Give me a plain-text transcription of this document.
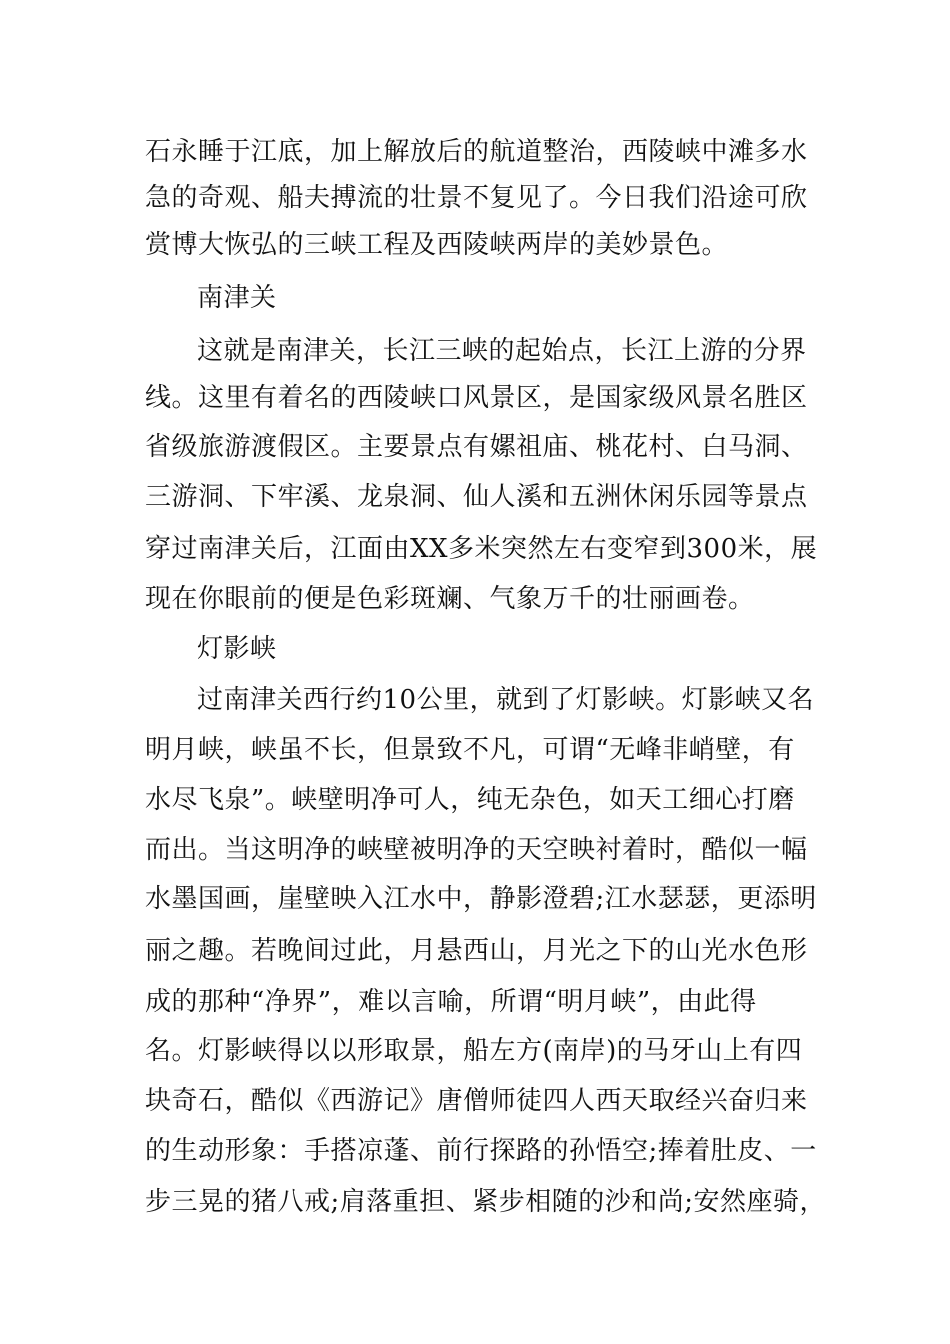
石永睡于江底，加上解放后的航道整治，西陵峡中滩多水
急的奇观、船夫搏流的壮景不复见了。今日我们沿途可欣
赏博大恢弘的三峡工程及西陵峡两岸的美妙景色。
南津关
这就是南津关，长江三峡的起始点，长江上游的分界
线。这里有着名的西陵峡口风景区，是国家级风景名胜区
省级旅游渡假区。主要景点有嫘祖庙、桃花村、白马洞、
三游洞、下牢溪、龙泉洞、仙人溪和五洲休闲乐园等景点
穿过南津关后，江面由XX多米突然左右变窄到300米，展
现在你眼前的便是色彩斑斓、气象万千的壮丽画卷。
灯影峡
过南津关西行约10公里，就到了灯影峡。灯影峡又名
明月峡，峡虽不长，但景致不凡，可谓“无峰非峭壁，有
水尽飞泉”。峡壁明净可人，纯无杂色，如天工细心打磨
而出。当这明净的峡壁被明净的天空映衬着时，酷似一幅
水墨国画，崖壁映入江水中，静影澄碧;江水瑟瑟，更添明
丽之趣。若晚间过此，月悬西山，月光之下的山光水色形
成的那种“净界”，难以言喻，所谓“明月峡”，由此得
名。灯影峡得以以形取景，船左方(南岸)的马牙山上有四
块奇石，酷似《西游记》唐僧师徒四人西天取经兴奋归来
的生动形象：手搭凉蓬、前行探路的孙悟空;捧着肚皮、一
步三晃的猪八戒;肩落重担、紧步相随的沙和尚;安然座骑，
